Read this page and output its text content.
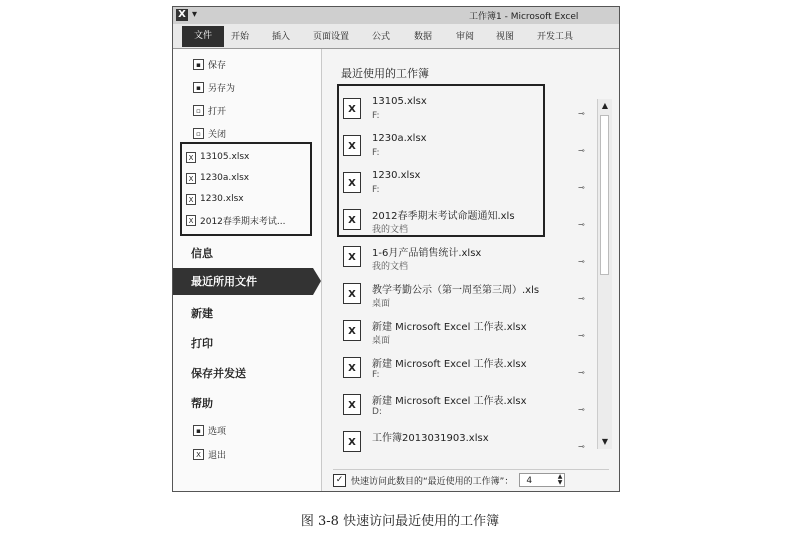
X ▾	工作簿1 - Microsoft Excel
文件	开始	插入	页面设置	公式	数据	审阅 视图	开发工具
▪ 保存
▪ 另存为
▫ 打开
▫ 关闭
X 13105.xlsx
X 1230a.xlsx
X 1230.xlsx
X 2012春季期末考试...
信息
最近所用文件
新建
打印
保存并发送
帮助
▪ 选项
X 退出
最近使用的工作簿
X
13105.xlsx
F:
X
1230a.xlsx
F:
X
1230.xlsx
F:
X	2012春季期末考试命题通知.xls
我的文档
X	1-6月产品销售统计.xlsx
我的文档
X	教学考勤公示（第一周至第三周）.xls
桌面
X	新建 Microsoft Excel 工作表.xlsx
桌面
X	新建 Microsoft Excel 工作表.xlsx
F:
X	新建 Microsoft Excel 工作表.xlsx
D:
X	工作簿2013031903.xlsx
⊸
⊸
⊸
⊸
⊸
⊸
⊸
⊸
⊸
⊸
▲
▼
✓ 快速访问此数目的“最近使用的工作簿”：	4	▲
▼
图 3-8 快速访问最近使用的工作簿
